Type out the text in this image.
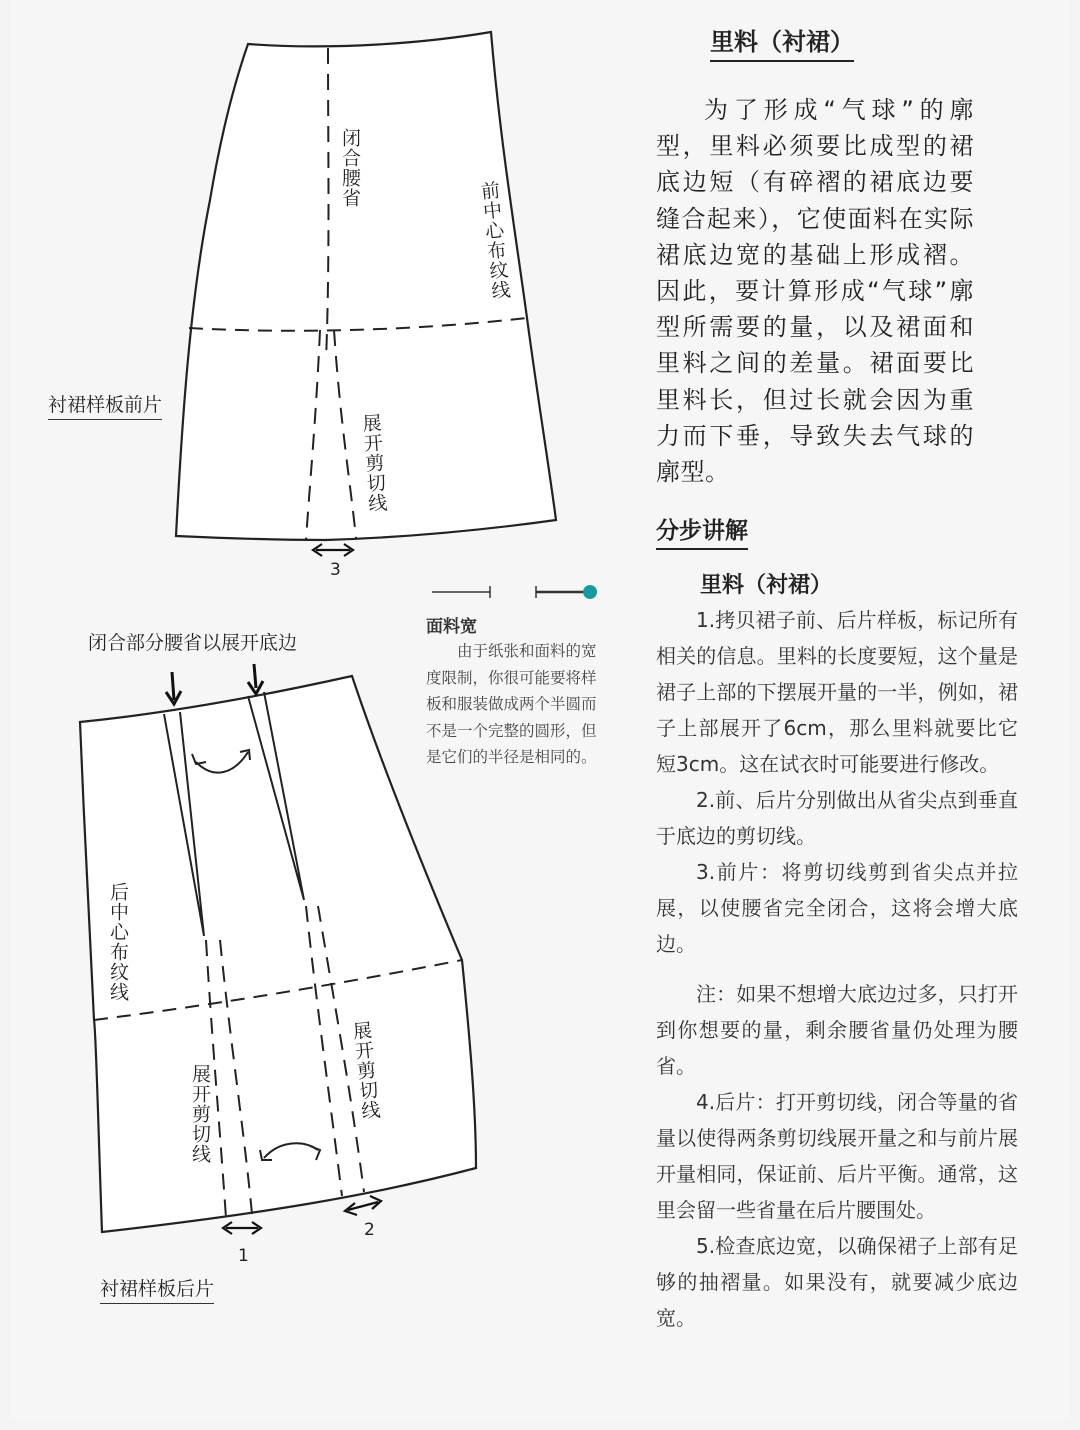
闭合腰省
前中心布纹线
展开剪切线
衬裙样板前片
3
闭合部分腰省以展开底边
后中心布纹线
展开剪切线	展开剪切线
1
2
衬裙样板后片
面料宽

由于纸张和面料的宽度限制，你很可能要将样板和服装做成两个半圆而不是一个完整的圆形，但是它们的半径是相同的。

里料（衬裙）

为了形成“气球”的廓型，里料必须要比成型的裙底边短（有碎褶的裙底边要缝合起来），它使面料在实际裙底边宽的基础上形成褶。因此，要计算形成“气球”廓型所需要的量，以及裙面和里料之间的差量。裙面要比里料长，但过长就会因为重力而下垂，导致失去气球的廓型。

分步讲解
里料（衬裙）

1.拷贝裙子前、后片样板，标记所有相关的信息。里料的长度要短，这个量是裙子上部的下摆展开量的一半，例如，裙子上部展开了6cm，那么里料就要比它短3cm。这在试衣时可能要进行修改。

2.前、后片分别做出从省尖点到垂直于底边的剪切线。

3.前片：将剪切线剪到省尖点并拉展，以使腰省完全闭合，这将会增大底边。

注：如果不想增大底边过多，只打开到你想要的量，剩余腰省量仍处理为腰省。

4.后片：打开剪切线，闭合等量的省量以使得两条剪切线展开量之和与前片展开量相同，保证前、后片平衡。通常，这里会留一些省量在后片腰围处。

5.检查底边宽，以确保裙子上部有足够的抽褶量。如果没有，就要减少底边宽。
